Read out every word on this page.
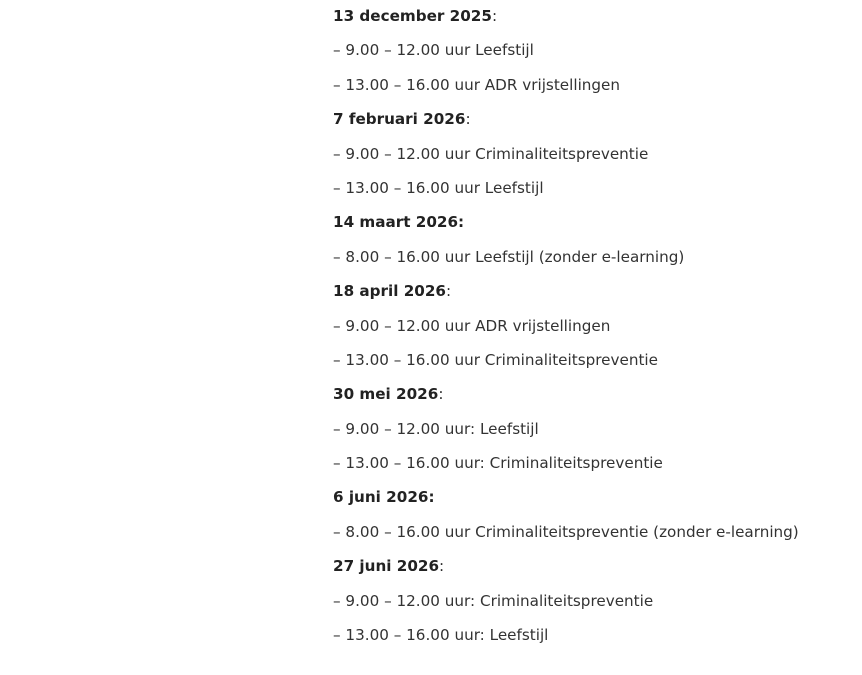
13 december 2025:
– 9.00 – 12.00 uur Leefstijl
– 13.00 – 16.00 uur ADR vrijstellingen
7 februari 2026:
– 9.00 – 12.00 uur Criminaliteitspreventie
– 13.00 – 16.00 uur Leefstijl
14 maart 2026:
– 8.00 – 16.00 uur Leefstijl (zonder e-learning)
18 april 2026:
– 9.00 – 12.00 uur ADR vrijstellingen
– 13.00 – 16.00 uur Criminaliteitspreventie
30 mei 2026:
– 9.00 – 12.00 uur: Leefstijl
– 13.00 – 16.00 uur: Criminaliteitspreventie
6 juni 2026:
– 8.00 – 16.00 uur Criminaliteitspreventie (zonder e-learning)
27 juni 2026:
– 9.00 – 12.00 uur: Criminaliteitspreventie
– 13.00 – 16.00 uur: Leefstijl
